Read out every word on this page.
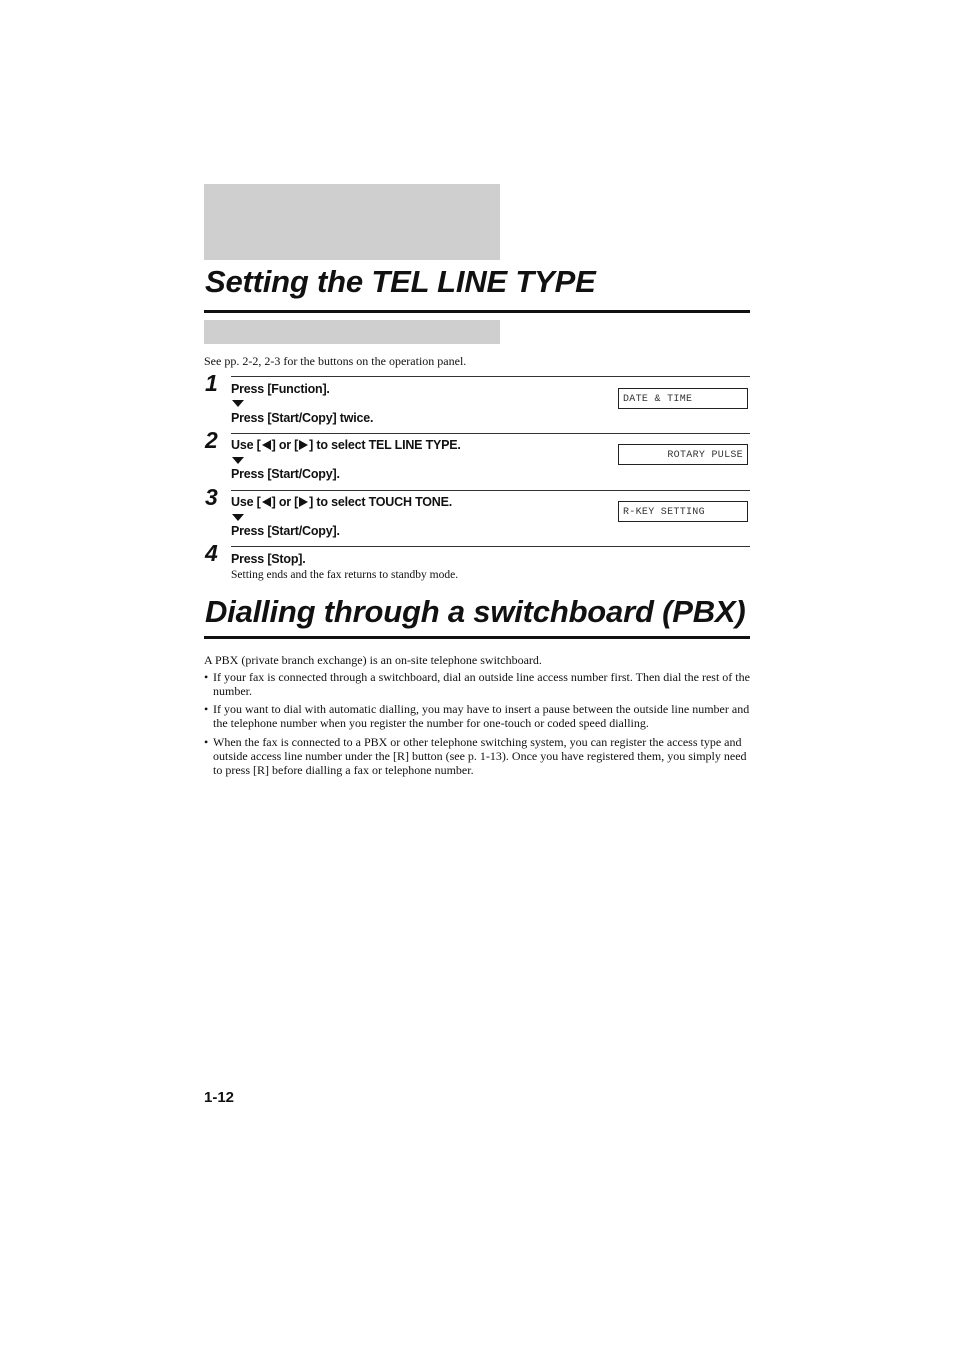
Setting the TEL LINE TYPE
See pp. 2-2, 2-3 for the buttons on the operation panel.
1 Press [Function].
Press [Start/Copy] twice.
DATE & TIME
2 Use [ ] or [ ] to select TEL LINE TYPE.
Press [Start/Copy].
ROTARY PULSE
3 Use [ ] or [ ] to select TOUCH TONE.
Press [Start/Copy].
R-KEY SETTING
4 Press [Stop].
Setting ends and the fax returns to standby mode.
Dialling through a switchboard (PBX)
A PBX (private branch exchange) is an on-site telephone switchboard.
• If your fax is connected through a switchboard, dial an outside line access number first. Then dial the rest of the number.
• If you want to dial with automatic dialling, you may have to insert a pause between the outside line number and the telephone number when you register the number for one-touch or coded speed dialling.
• When the fax is connected to a PBX or other telephone switching system, you can register the access type and outside access line number under the [R] button (see p. 1-13). Once you have registered them, you simply need to press [R] before dialling a fax or telephone number.
1-12
